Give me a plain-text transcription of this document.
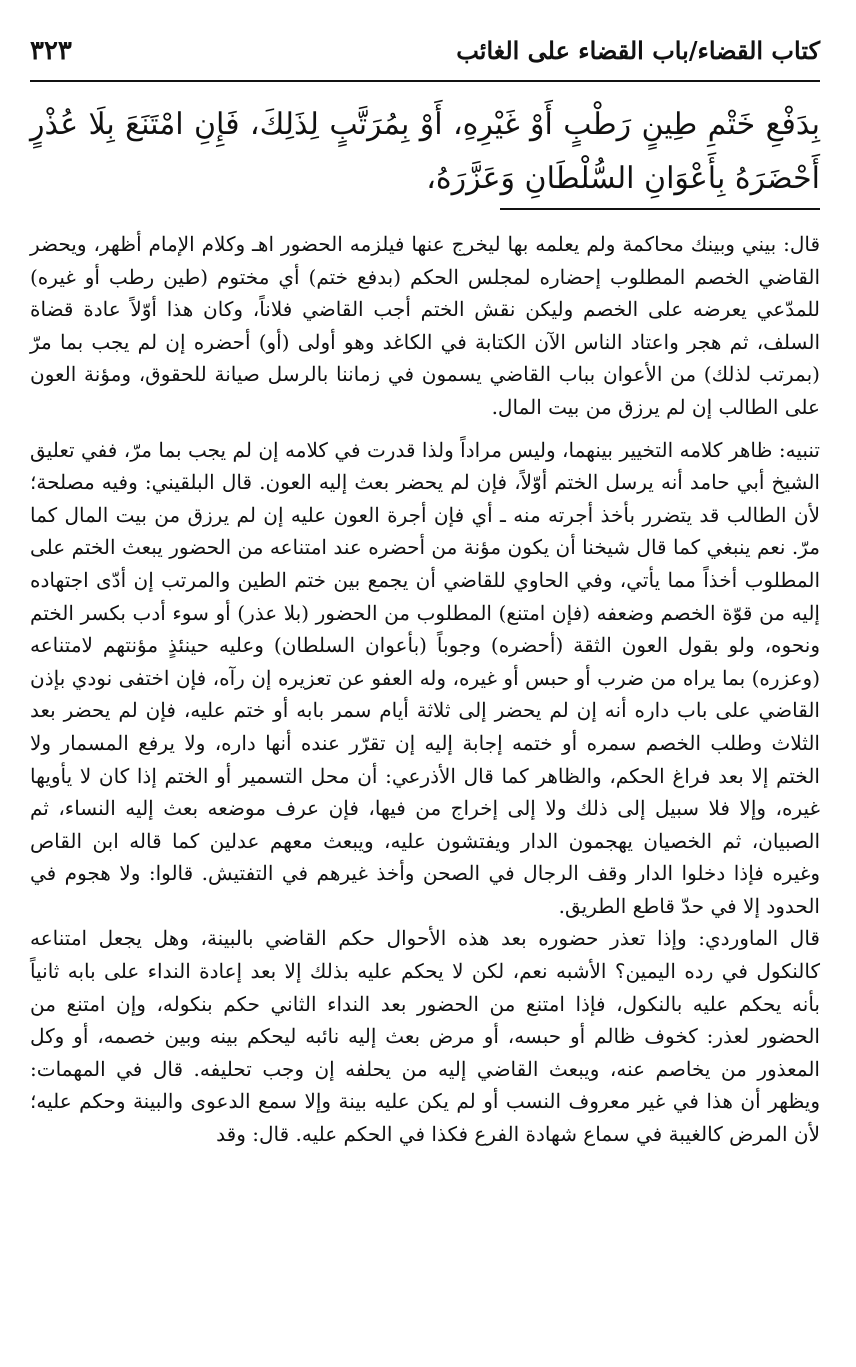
كتاب القضاء/باب القضاء على الغائب
٣٢٣
بِدَفْعِ خَتْمِ طِينٍ رَطْبٍ أَوْ غَيْرِهِ، أَوْ بِمُرَتَّبٍ لِذَلِكَ، فَإِنِ امْتَنَعَ بِلَا عُذْرٍ أَحْضَرَهُ بِأَعْوَانِ السُّلْطَانِ وَعَزَّرَهُ،

قال: بيني وبينك محاكمة ولم يعلمه بها ليخرج عنها فيلزمه الحضور اهـ وكلام الإمام أظهر، ويحضر القاضي الخصم المطلوب إحضاره لمجلس الحكم (بدفع ختم) أي مختوم (طين رطب أو غيره) للمدّعي يعرضه على الخصم وليكن نقش الختم أجب القاضي فلاناً، وكان هذا أوّلاً عادة قضاة السلف، ثم هجر واعتاد الناس الآن الكتابة في الكاغد وهو أولى (أو) أحضره إن لم يجب بما مرّ (بمرتب لذلك) من الأعوان بباب القاضي يسمون في زماننا بالرسل صيانة للحقوق، ومؤنة العون على الطالب إن لم يرزق من بيت المال.

تنبيه: ظاهر كلامه التخيير بينهما، وليس مراداً ولذا قدرت في كلامه إن لم يجب بما مرّ، ففي تعليق الشيخ أبي حامد أنه يرسل الختم أوّلاً، فإن لم يحضر بعث إليه العون. قال البلقيني: وفيه مصلحة؛ لأن الطالب قد يتضرر بأخذ أجرته منه ـ أي فإن أجرة العون عليه إن لم يرزق من بيت المال كما مرّ. نعم ينبغي كما قال شيخنا أن يكون مؤنة من أحضره عند امتناعه من الحضور يبعث الختم على المطلوب أخذاً مما يأتي، وفي الحاوي للقاضي أن يجمع بين ختم الطين والمرتب إن أدّى اجتهاده إليه من قوّة الخصم وضعفه (فإن امتنع) المطلوب من الحضور (بلا عذر) أو سوء أدب بكسر الختم ونحوه، ولو بقول العون الثقة (أحضره) وجوباً (بأعوان السلطان) وعليه حينئذٍ مؤنتهم لامتناعه (وعزره) بما يراه من ضرب أو حبس أو غيره، وله العفو عن تعزيره إن رآه، فإن اختفى نودي بإذن القاضي على باب داره أنه إن لم يحضر إلى ثلاثة أيام سمر بابه أو ختم عليه، فإن لم يحضر بعد الثلاث وطلب الخصم سمره أو ختمه إجابة إليه إن تقرّر عنده أنها داره، ولا يرفع المسمار ولا الختم إلا بعد فراغ الحكم، والظاهر كما قال الأذرعي: أن محل التسمير أو الختم إذا كان لا يأويها غيره، وإلا فلا سبيل إلى ذلك ولا إلى إخراج من فيها، فإن عرف موضعه بعث إليه النساء، ثم الصبيان، ثم الخصيان يهجمون الدار ويفتشون عليه، ويبعث معهم عدلين كما قاله ابن القاص وغيره فإذا دخلوا الدار وقف الرجال في الصحن وأخذ غيرهم في التفتيش. قالوا: ولا هجوم في الحدود إلا في حدّ قاطع الطريق.

قال الماوردي: وإذا تعذر حضوره بعد هذه الأحوال حكم القاضي بالبينة، وهل يجعل امتناعه كالنكول في رده اليمين؟ الأشبه نعم، لكن لا يحكم عليه بذلك إلا بعد إعادة النداء على بابه ثانياً بأنه يحكم عليه بالنكول، فإذا امتنع من الحضور بعد النداء الثاني حكم بنكوله، وإن امتنع من الحضور لعذر: كخوف ظالم أو حبسه، أو مرض بعث إليه نائبه ليحكم بينه وبين خصمه، أو وكل المعذور من يخاصم عنه، ويبعث القاضي إليه من يحلفه إن وجب تحليفه. قال في المهمات: ويظهر أن هذا في غير معروف النسب أو لم يكن عليه بينة وإلا سمع الدعوى والبينة وحكم عليه؛ لأن المرض كالغيبة في سماع شهادة الفرع فكذا في الحكم عليه. قال: وقد
